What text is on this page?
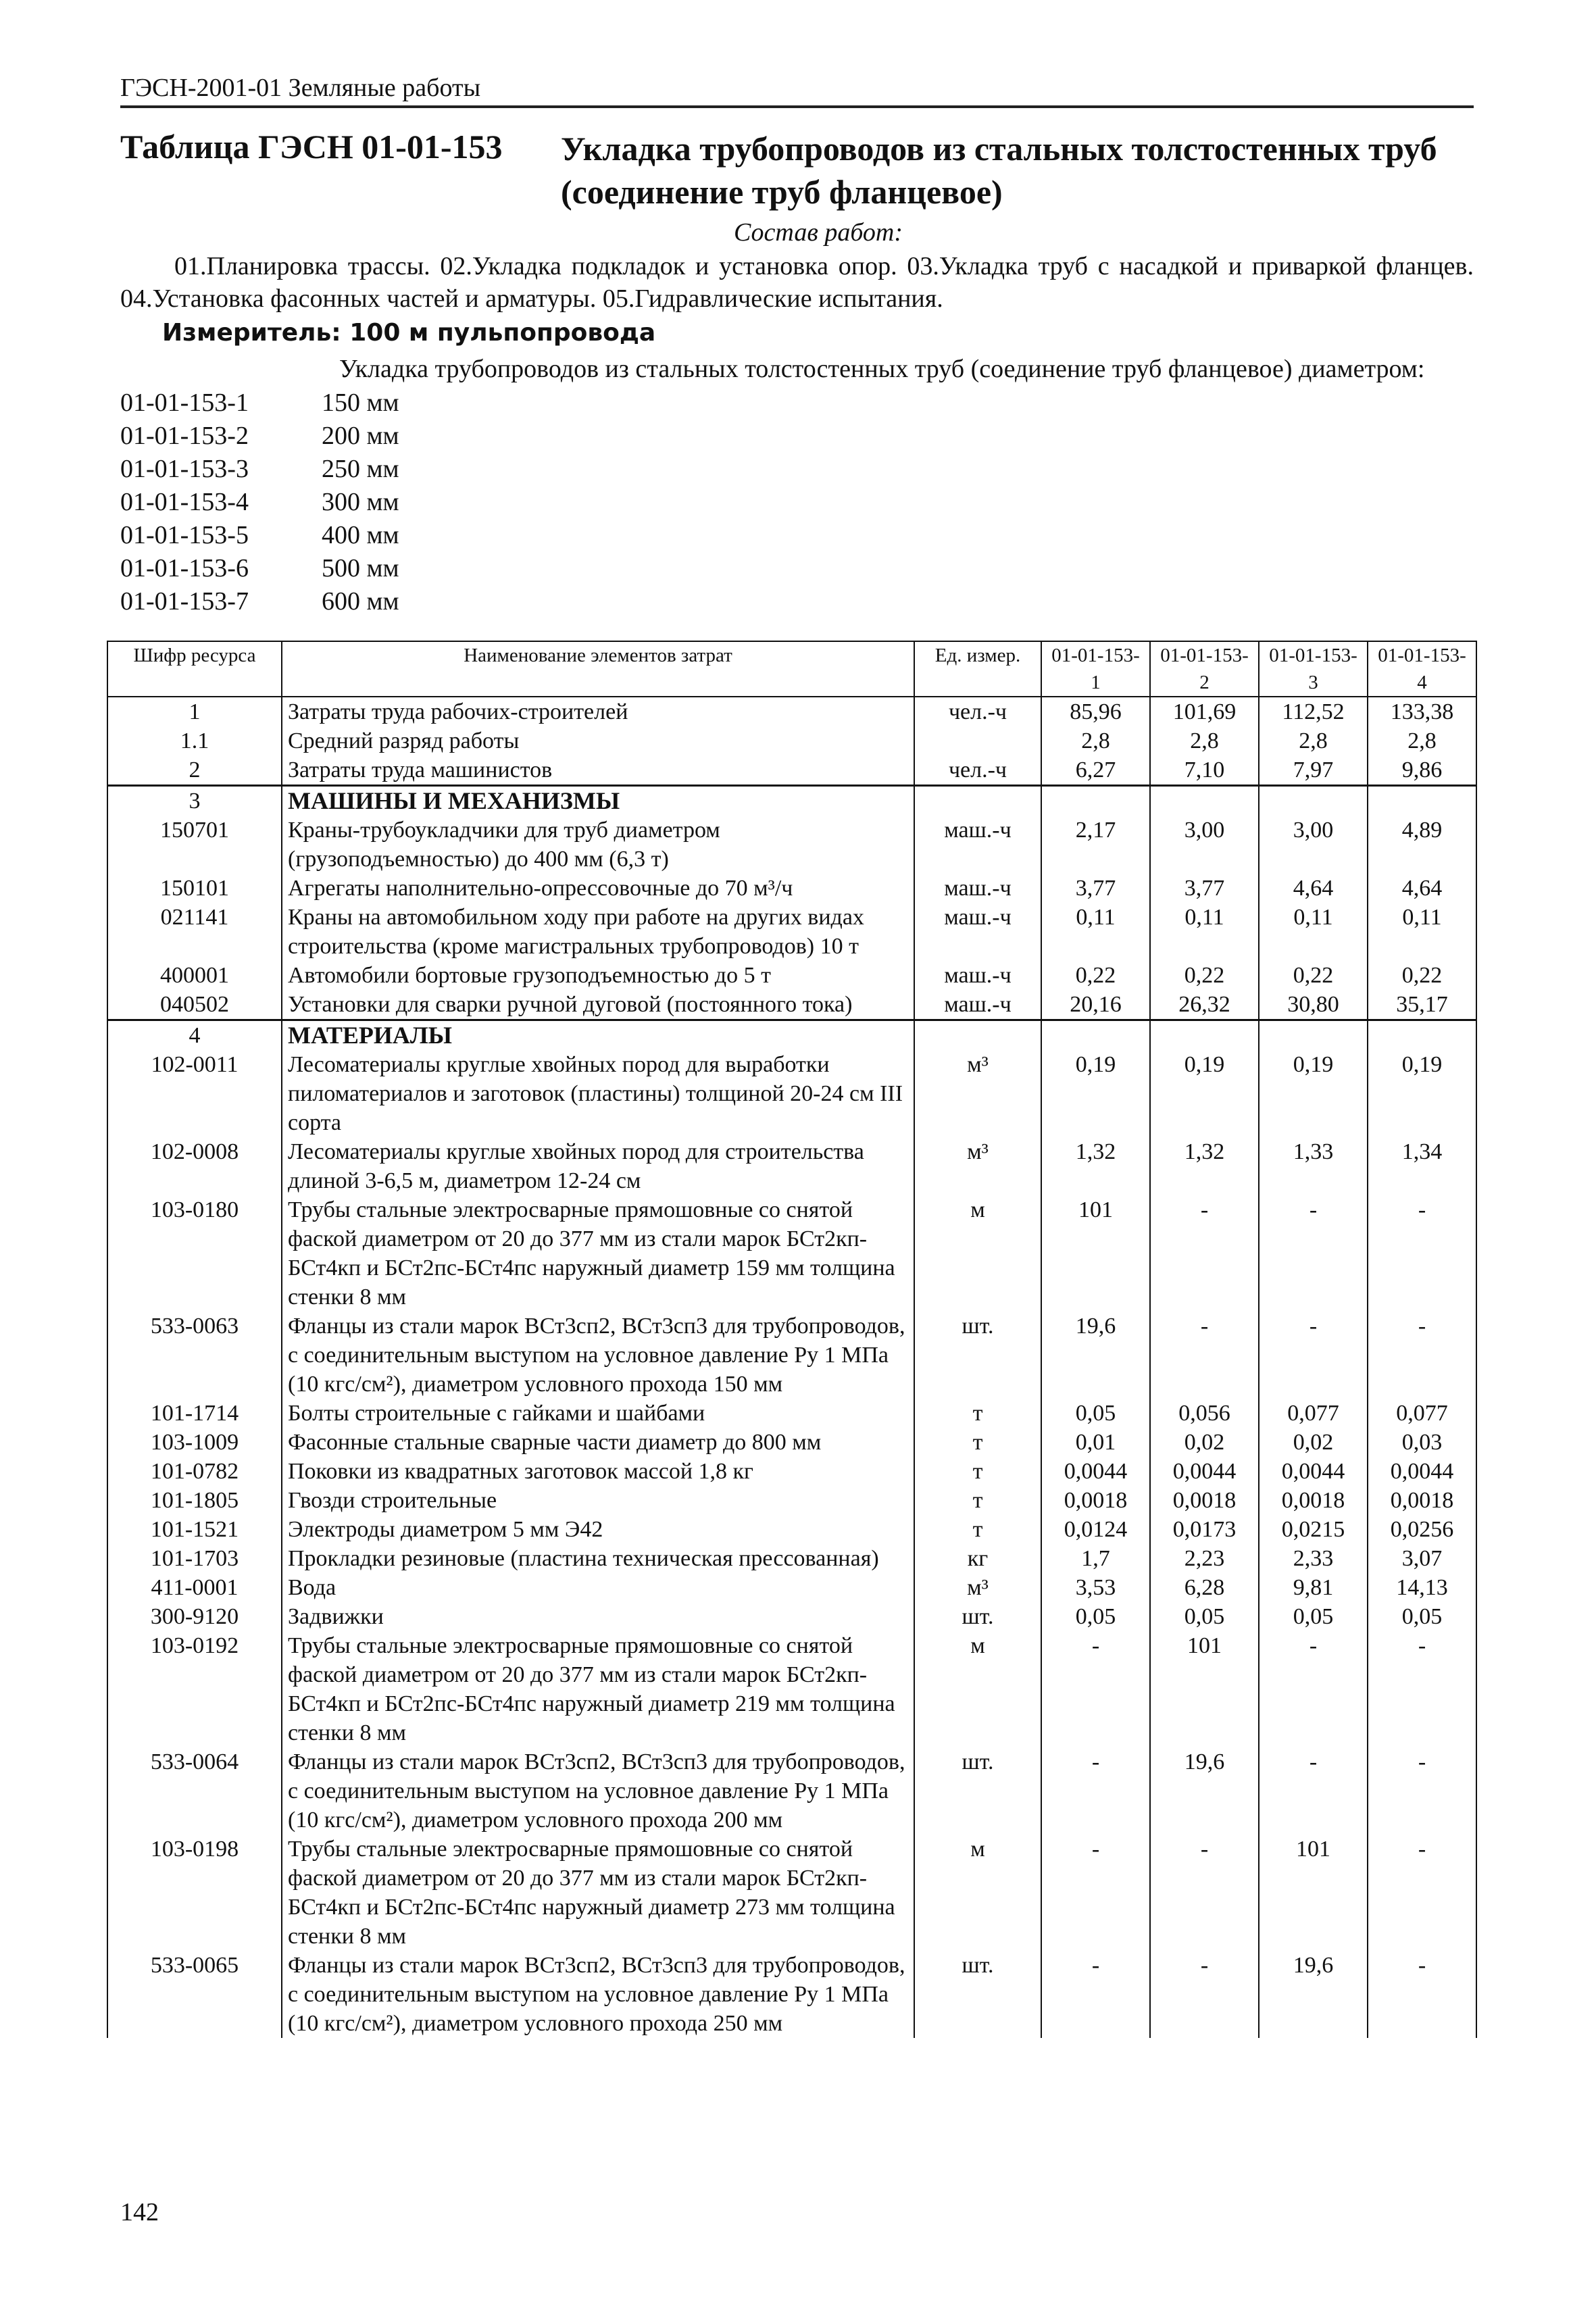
ГЭСН-2001-01 Земляные работы
Таблица ГЭСН 01-01-153 Укладка трубопроводов из стальных толстостенных труб (соединение труб фланцевое)
Состав работ:
01.Планировка трассы. 02.Укладка подкладок и установка опор. 03.Укладка труб с насадкой и приваркой фланцев. 04.Установка фасонных частей и арматуры. 05.Гидравлические испытания.
Измеритель: 100 м пульпопровода
Укладка трубопроводов из стальных толстостенных труб (соединение труб фланцевое) диаметром:
01-01-153-1	150 мм
01-01-153-2	200 мм
01-01-153-3	250 мм
01-01-153-4	300 мм
01-01-153-5	400 мм
01-01-153-6	500 мм
01-01-153-7	600 мм
Шифр ресурса	Наименование элементов затрат	Ед. измер.	01-01-153-1	01-01-153-2	01-01-153-3	01-01-153-4
1	Затраты труда рабочих-строителей	чел.-ч	85,96	101,69	112,52	133,38
1.1	Средний разряд работы		2,8	2,8	2,8	2,8
2	Затраты труда машинистов	чел.-ч	6,27	7,10	7,97	9,86
3	МАШИНЫ И МЕХАНИЗМЫ					
150701	Краны-трубоукладчики для труб диаметром (грузоподъемностью) до 400 мм (6,3 т)	маш.-ч	2,17	3,00	3,00	4,89
150101	Агрегаты наполнительно-опрессовочные до 70 м³/ч	маш.-ч	3,77	3,77	4,64	4,64
021141	Краны на автомобильном ходу при работе на других видах строительства (кроме магистральных трубопроводов) 10 т	маш.-ч	0,11	0,11	0,11	0,11
400001	Автомобили бортовые грузоподъемностью до 5 т	маш.-ч	0,22	0,22	0,22	0,22
040502	Установки для сварки ручной дуговой (постоянного тока)	маш.-ч	20,16	26,32	30,80	35,17
4	МАТЕРИАЛЫ					
102-0011	Лесоматериалы круглые хвойных пород для выработки пиломатериалов и заготовок (пластины) толщиной 20-24 см III сорта	м³	0,19	0,19	0,19	0,19
102-0008	Лесоматериалы круглые хвойных пород для строительства длиной 3-6,5 м, диаметром 12-24 см	м³	1,32	1,32	1,33	1,34
103-0180	Трубы стальные электросварные прямошовные со снятой фаской диаметром от 20 до 377 мм из стали марок БСт2кп-БСт4кп и БСт2пс-БСт4пс наружный диаметр 159 мм толщина стенки 8 мм	м	101	-	-	-
533-0063	Фланцы из стали марок ВСт3сп2, ВСт3сп3 для трубопроводов, с соединительным выступом на условное давление Ру 1 МПа (10 кгс/см²), диаметром условного прохода 150 мм	шт.	19,6	-	-	-
101-1714	Болты строительные с гайками и шайбами	т	0,05	0,056	0,077	0,077
103-1009	Фасонные стальные сварные части диаметр до 800 мм	т	0,01	0,02	0,02	0,03
101-0782	Поковки из квадратных заготовок массой 1,8 кг	т	0,0044	0,0044	0,0044	0,0044
101-1805	Гвозди строительные	т	0,0018	0,0018	0,0018	0,0018
101-1521	Электроды диаметром 5 мм Э42	т	0,0124	0,0173	0,0215	0,0256
101-1703	Прокладки резиновые (пластина техническая прессованная)	кг	1,7	2,23	2,33	3,07
411-0001	Вода	м³	3,53	6,28	9,81	14,13
300-9120	Задвижки	шт.	0,05	0,05	0,05	0,05
103-0192	Трубы стальные электросварные прямошовные со снятой фаской диаметром от 20 до 377 мм из стали марок БСт2кп-БСт4кп и БСт2пс-БСт4пс наружный диаметр 219 мм толщина стенки 8 мм	м	-	101	-	-
533-0064	Фланцы из стали марок ВСт3сп2, ВСт3сп3 для трубопроводов, с соединительным выступом на условное давление Ру 1 МПа (10 кгс/см²), диаметром условного прохода 200 мм	шт.	-	19,6	-	-
103-0198	Трубы стальные электросварные прямошовные со снятой фаской диаметром от 20 до 377 мм из стали марок БСт2кп-БСт4кп и БСт2пс-БСт4пс наружный диаметр 273 мм толщина стенки 8 мм	м	-	-	101	-
533-0065	Фланцы из стали марок ВСт3сп2, ВСт3сп3 для трубопроводов, с соединительным выступом на условное давление Ру 1 МПа (10 кгс/см²), диаметром условного прохода 250 мм	шт.	-	-	19,6	-
142
